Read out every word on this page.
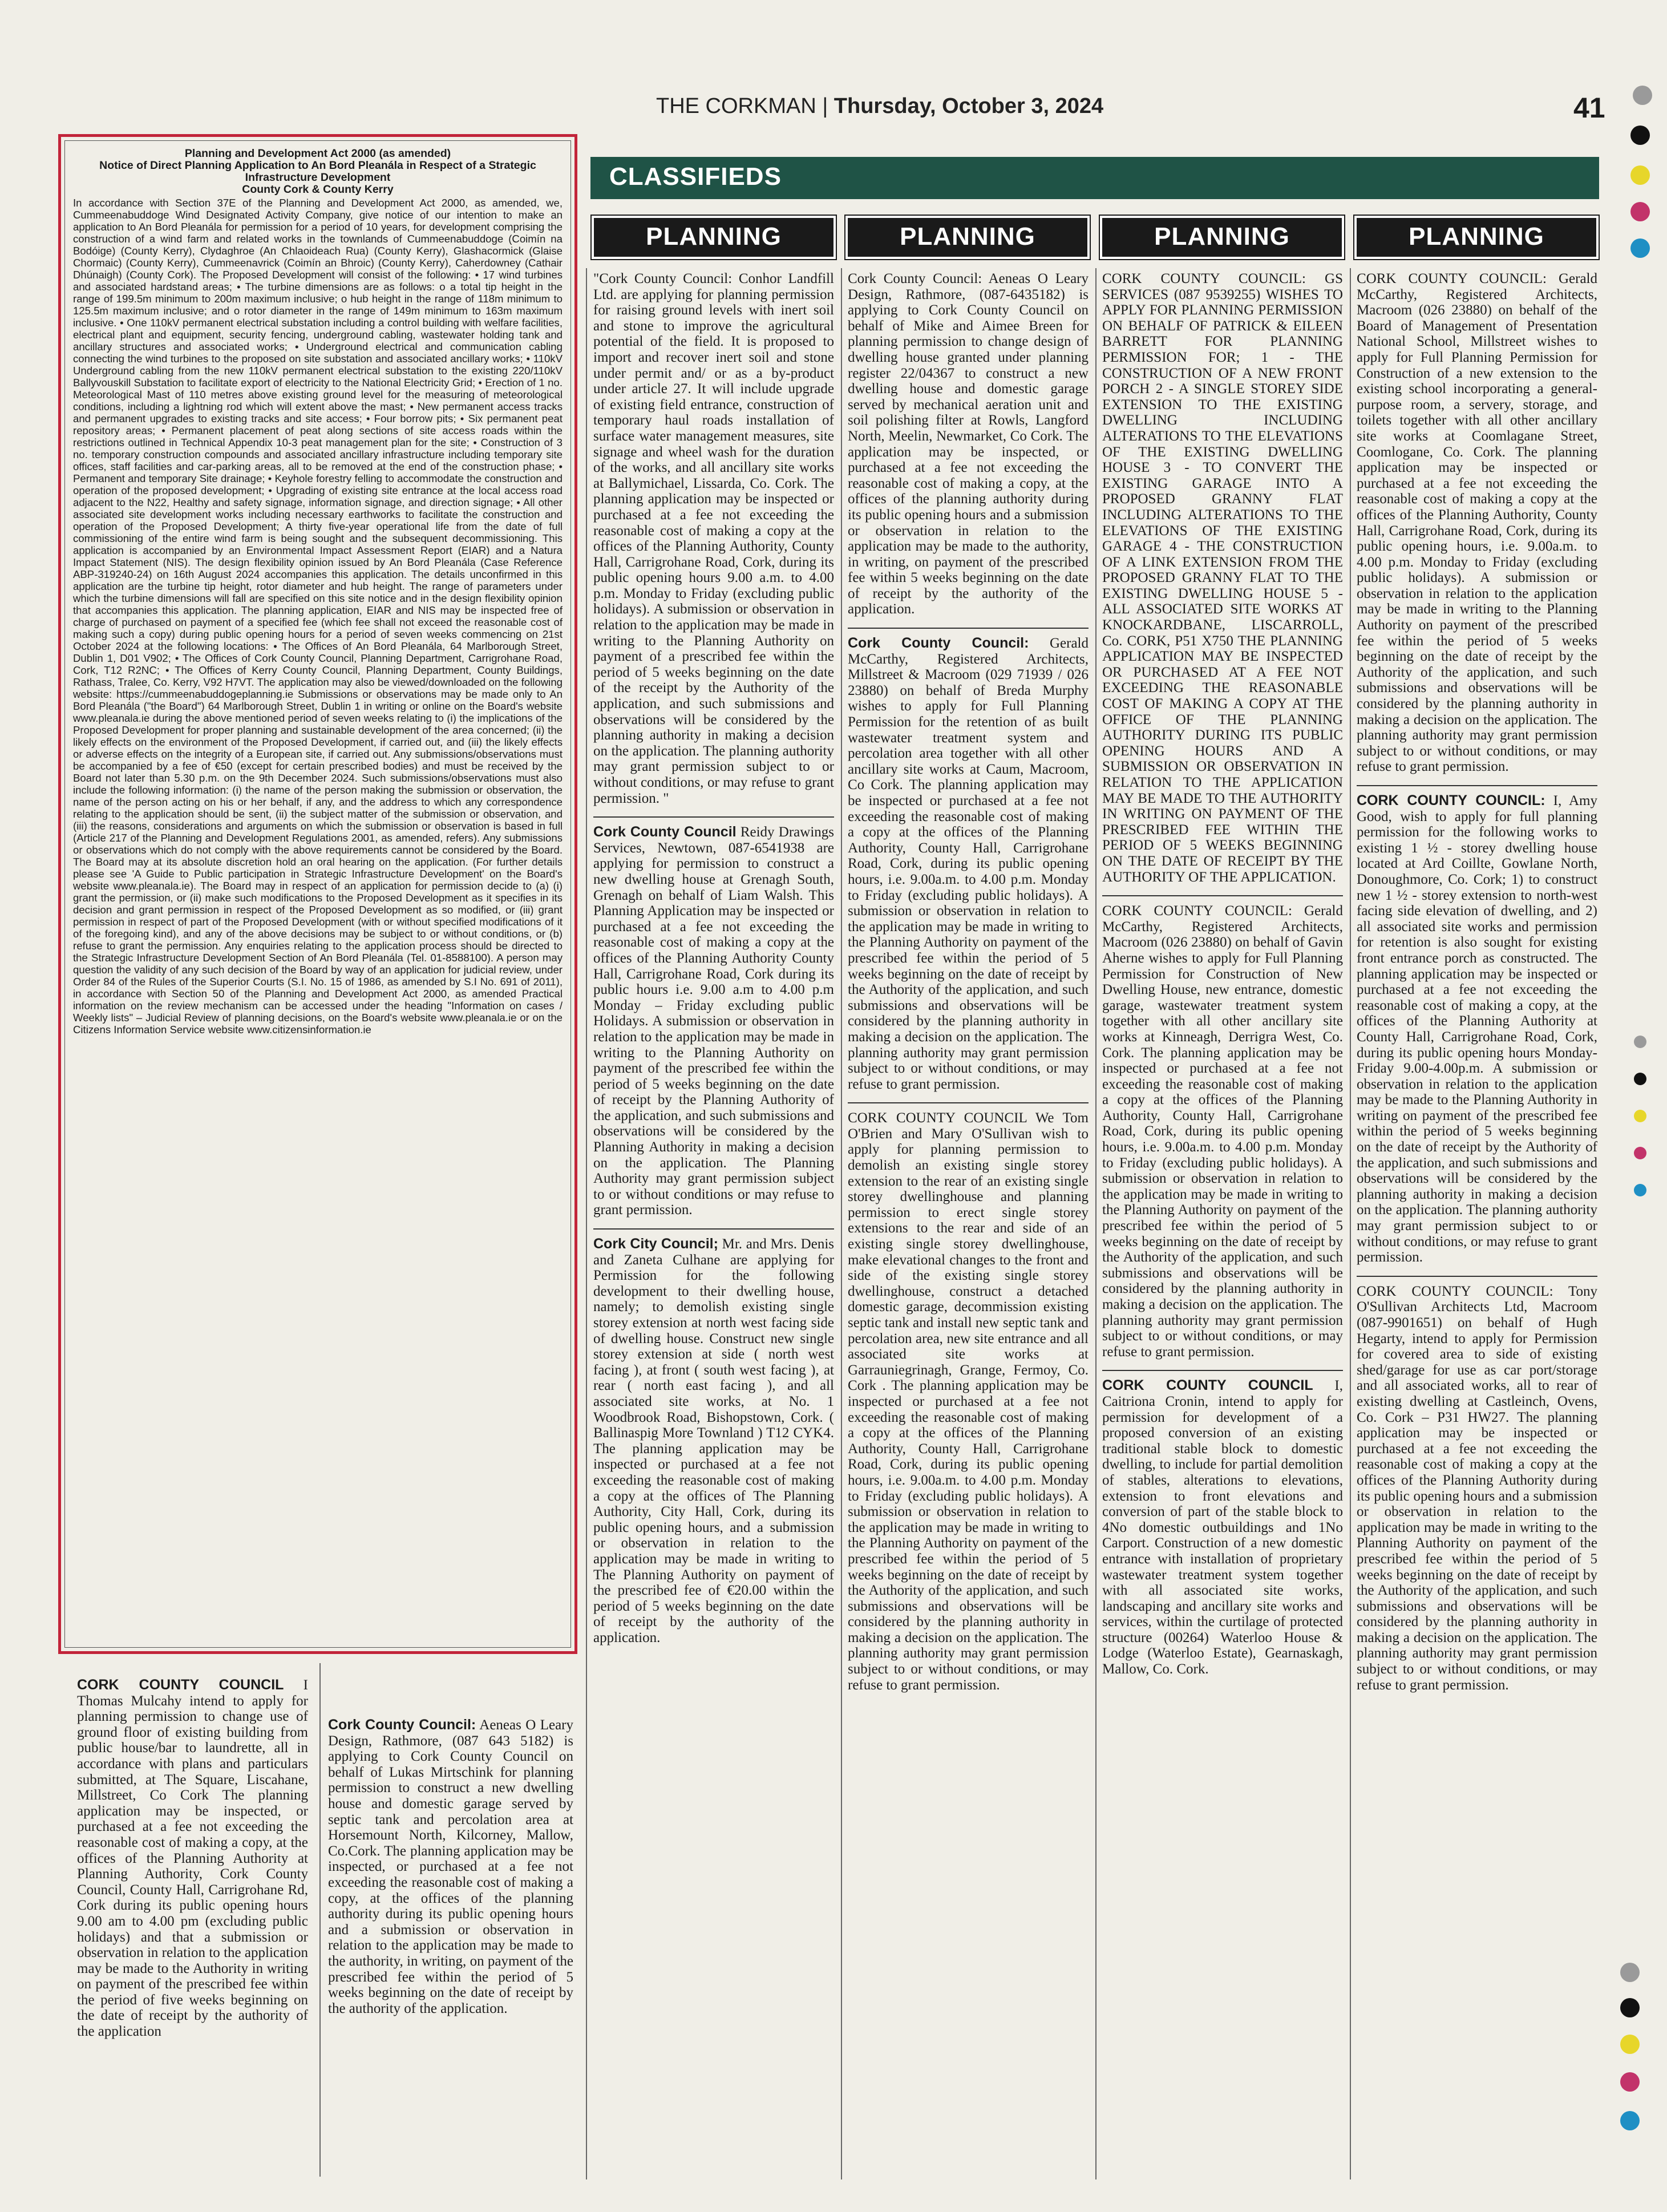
THE CORKMAN | Thursday, October 3, 2024	41
Planning and Development Act 2000 (as amended)
Notice of Direct Planning Application to An Bord Pleanála in Respect of a Strategic Infrastructure Development
County Cork & County Kerry
In accordance with Section 37E of the Planning and Development Act 2000, as amended, we, Cummeenabuddoge Wind Designated Activity Company, give notice of our intention to make an application to An Bord Pleanála for permission for a period of 10 years, for development comprising the construction of a wind farm and related works in the townlands of Cummeenabuddoge (Coimín na Bodóige) (County Kerry), Clydaghroe (An Chlaoideach Rua) (County Kerry), Glashacormick (Glaise Chormaic) (County Kerry), Cummeenavrick (Coimín an Bhroic) (County Kerry), Caherdowney (Cathair Dhúnaigh) (County Cork). The Proposed Development will consist of the following: • 17 wind turbines and associated hardstand areas; • The turbine dimensions are as follows: o a total tip height in the range of 199.5m minimum to 200m maximum inclusive; o hub height in the range of 118m minimum to 125.5m maximum inclusive; and o rotor diameter in the range of 149m minimum to 163m maximum inclusive. • One 110kV permanent electrical substation including a control building with welfare facilities, electrical plant and equipment, security fencing, underground cabling, wastewater holding tank and ancillary structures and associated works; • Underground electrical and communication cabling connecting the wind turbines to the proposed on site substation and associated ancillary works; • 110kV Underground cabling from the new 110kV permanent electrical substation to the existing 220/110kV Ballyvouskill Substation to facilitate export of electricity to the National Electricity Grid; • Erection of 1 no. Meteorological Mast of 110 metres above existing ground level for the measuring of meteorological conditions, including a lightning rod which will extent above the mast; • New permanent access tracks and permanent upgrades to existing tracks and site access; • Four borrow pits; • Six permanent peat repository areas; • Permanent placement of peat along sections of site access roads within the restrictions outlined in Technical Appendix 10-3 peat management plan for the site; • Construction of 3 no. temporary construction compounds and associated ancillary infrastructure including temporary site offices, staff facilities and car-parking areas, all to be removed at the end of the construction phase; • Permanent and temporary Site drainage; • Keyhole forestry felling to accommodate the construction and operation of the proposed development; • Upgrading of existing site entrance at the local access road adjacent to the N22, Healthy and safety signage, information signage, and direction signage; • All other associated site development works including necessary earthworks to facilitate the construction and operation of the Proposed Development; A thirty five-year operational life from the date of full commissioning of the entire wind farm is being sought and the subsequent decommissioning. This application is accompanied by an Environmental Impact Assessment Report (EIAR) and a Natura Impact Statement (NIS). The design flexibility opinion issued by An Bord Pleanála (Case Reference ABP-319240-24) on 16th August 2024 accompanies this application. The details unconfirmed in this application are the turbine tip height, rotor diameter and hub height. The range of parameters under which the turbine dimensions will fall are specified on this site notice and in the design flexibility opinion that accompanies this application. The planning application, EIAR and NIS may be inspected free of charge of purchased on payment of a specified fee (which fee shall not exceed the reasonable cost of making such a copy) during public opening hours for a period of seven weeks commencing on 21st October 2024 at the following locations: • The Offices of An Bord Pleanála, 64 Marlborough Street, Dublin 1, D01 V902; • The Offices of Cork County Council, Planning Department, Carrigrohane Road, Cork, T12 R2NC; • The Offices of Kerry County Council, Planning Department, County Buildings, Rathass, Tralee, Co. Kerry, V92 H7VT. The application may also be viewed/downloaded on the following website: https://cummeenabuddogeplanning.ie Submissions or observations may be made only to An Bord Pleanála ("the Board") 64 Marlborough Street, Dublin 1 in writing or online on the Board's website www.pleanala.ie during the above mentioned period of seven weeks relating to (i) the implications of the Proposed Development for proper planning and sustainable development of the area concerned; (ii) the likely effects on the environment of the Proposed Development, if carried out, and (iii) the likely effects or adverse effects on the integrity of a European site, if carried out. Any submissions/observations must be accompanied by a fee of €50 (except for certain prescribed bodies) and must be received by the Board not later than 5.30 p.m. on the 9th December 2024. Such submissions/observations must also include the following information: (i) the name of the person making the submission or observation, the name of the person acting on his or her behalf, if any, and the address to which any correspondence relating to the application should be sent, (ii) the subject matter of the submission or observation, and (iii) the reasons, considerations and arguments on which the submission or observation is based in full (Article 217 of the Planning and Development Regulations 2001, as amended, refers). Any submissions or observations which do not comply with the above requirements cannot be considered by the Board. The Board may at its absolute discretion hold an oral hearing on the application. (For further details please see 'A Guide to Public participation in Strategic Infrastructure Development' on the Board's website www.pleanala.ie). The Board may in respect of an application for permission decide to (a) (i) grant the permission, or (ii) make such modifications to the Proposed Development as it specifies in its decision and grant permission in respect of the Proposed Development as so modified, or (iii) grant permission in respect of part of the Proposed Development (with or without specified modifications of it of the foregoing kind), and any of the above decisions may be subject to or without conditions, or (b) refuse to grant the permission. Any enquiries relating to the application process should be directed to the Strategic Infrastructure Development Section of An Bord Pleanála (Tel. 01-8588100). A person may question the validity of any such decision of the Board by way of an application for judicial review, under Order 84 of the Rules of the Superior Courts (S.I. No. 15 of 1986, as amended by S.I No. 691 of 2011), in accordance with Section 50 of the Planning and Development Act 2000, as amended Practical information on the review mechanism can be accessed under the heading "Information on cases / Weekly lists" – Judicial Review of planning decisions, on the Board's website www.pleanala.ie or on the Citizens Information Service website www.citizensinformation.ie
CLASSIFIEDS
PLANNING	PLANNING	PLANNING	PLANNING

CORK COUNTY COUNCIL I Thomas Mulcahy intend to apply for planning permission to change use of ground floor of existing building from public house/bar to laundrette, all in accordance with plans and particulars submitted, at The Square, Liscahane, Millstreet, Co Cork The planning application may be inspected, or purchased at a fee not exceeding the reasonable cost of making a copy, at the offices of the Planning Authority at Planning Authority, Cork County Council, County Hall, Carrigrohane Rd, Cork during its public opening hours 9.00 am to 4.00 pm (excluding public holidays) and that a submission or observation in relation to the application may be made to the Authority in writing on payment of the prescribed fee within the period of five weeks beginning on the date of receipt by the authority of the application

Cork County Council: Aeneas O Leary Design, Rathmore, (087 643 5182) is applying to Cork County Council on behalf of Lukas Mirtschink for planning permission to construct a new dwelling house and domestic garage served by septic tank and percolation area at Horsemount North, Kilcorney, Mallow, Co.Cork. The planning application may be inspected, or purchased at a fee not exceeding the reasonable cost of making a copy, at the offices of the planning authority during its public opening hours and a submission or observation in relation to the application may be made to the authority, in writing, on payment of the prescribed fee within the period of 5 weeks beginning on the date of receipt by the authority of the application.

"Cork County Council: Conhor Landfill Ltd. are applying for planning permission for raising ground levels with inert soil and stone to improve the agricultural potential of the field. It is proposed to import and recover inert soil and stone under permit and/ or as a by-product under article 27. It will include upgrade of existing field entrance, construction of temporary haul roads installation of surface water management measures, site signage and wheel wash for the duration of the works, and all ancillary site works at Ballymichael, Lissarda, Co. Cork. The planning application may be inspected or purchased at a fee not exceeding the reasonable cost of making a copy at the offices of the Planning Authority, County Hall, Carrigrohane Road, Cork, during its public opening hours 9.00 a.m. to 4.00 p.m. Monday to Friday (excluding public holidays). A submission or observation in relation to the application may be made in writing to the Planning Authority on payment of a prescribed fee within the period of 5 weeks beginning on the date of the receipt by the Authority of the application, and such submissions and observations will be considered by the planning authority in making a decision on the application. The planning authority may grant permission subject to or without conditions, or may refuse to grant permission. "

Cork County Council Reidy Drawings Services, Newtown, 087-6541938 are applying for permission to construct a new dwelling house at Grenagh South, Grenagh on behalf of Liam Walsh. This Planning Application may be inspected or purchased at a fee not exceeding the reasonable cost of making a copy at the offices of the Planning Authority County Hall, Carrigrohane Road, Cork during its public hours i.e. 9.00 a.m to 4.00 p.m Monday – Friday excluding public Holidays. A submission or observation in relation to the application may be made in writing to the Planning Authority on payment of the prescribed fee within the period of 5 weeks beginning on the date of receipt by the Planning Authority of the application, and such submissions and observations will be considered by the Planning Authority in making a decision on the application. The Planning Authority may grant permission subject to or without conditions or may refuse to grant permission.

Cork City Council; Mr. and Mrs. Denis and Zaneta Culhane are applying for Permission for the following development to their dwelling house, namely; to demolish existing single storey extension at north west facing side of dwelling house. Construct new single storey extension at side ( north west facing ), at front ( south west facing ), at rear ( north east facing ), and all associated site works, at No. 1 Woodbrook Road, Bishopstown, Cork. ( Ballinaspig More Townland ) T12 CYK4. The planning application may be inspected or purchased at a fee not exceeding the reasonable cost of making a copy at the offices of The Planning Authority, City Hall, Cork, during its public opening hours, and a submission or observation in relation to the application may be made in writing to The Planning Authority on payment of the prescribed fee of €20.00 within the period of 5 weeks beginning on the date of receipt by the authority of the application.

Cork County Council: Aeneas O Leary Design, Rathmore, (087-6435182) is applying to Cork County Council on behalf of Mike and Aimee Breen for planning permission to change design of dwelling house granted under planning register 22/04367 to construct a new dwelling house and domestic garage served by mechanical aeration unit and soil polishing filter at Rowls, Langford North, Meelin, Newmarket, Co Cork. The application may be inspected, or purchased at a fee not exceeding the reasonable cost of making a copy, at the offices of the planning authority during its public opening hours and a submission or observation in relation to the application may be made to the authority, in writing, on payment of the prescribed fee within 5 weeks beginning on the date of receipt by the authority of the application.

Cork County Council: Gerald McCarthy, Registered Architects, Millstreet & Macroom (029 71939 / 026 23880) on behalf of Breda Murphy wishes to apply for Full Planning Permission for the retention of as built wastewater treatment system and percolation area together with all other ancillary site works at Caum, Macroom, Co Cork. The planning application may be inspected or purchased at a fee not exceeding the reasonable cost of making a copy at the offices of the Planning Authority, County Hall, Carrigrohane Road, Cork, during its public opening hours, i.e. 9.00a.m. to 4.00 p.m. Monday to Friday (excluding public holidays). A submission or observation in relation to the application may be made in writing to the Planning Authority on payment of the prescribed fee within the period of 5 weeks beginning on the date of receipt by the Authority of the application, and such submissions and observations will be considered by the planning authority in making a decision on the application. The planning authority may grant permission subject to or without conditions, or may refuse to grant permission.

CORK COUNTY COUNCIL We Tom O'Brien and Mary O'Sullivan wish to apply for planning permission to demolish an existing single storey extension to the rear of an existing single storey dwellinghouse and planning permission to erect single storey extensions to the rear and side of an existing single storey dwellinghouse, make elevational changes to the front and side of the existing single storey dwellinghouse, construct a detached domestic garage, decommission existing septic tank and install new septic tank and percolation area, new site entrance and all associated site works at Garrauniegrinagh, Grange, Fermoy, Co. Cork . The planning application may be inspected or purchased at a fee not exceeding the reasonable cost of making a copy at the offices of the Planning Authority, County Hall, Carrigrohane Road, Cork, during its public opening hours, i.e. 9.00a.m. to 4.00 p.m. Monday to Friday (excluding public holidays). A submission or observation in relation to the application may be made in writing to the Planning Authority on payment of the prescribed fee within the period of 5 weeks beginning on the date of receipt by the Authority of the application, and such submissions and observations will be considered by the planning authority in making a decision on the application. The planning authority may grant permission subject to or without conditions, or may refuse to grant permission.

CORK COUNTY COUNCIL: GS SERVICES (087 9539255) WISHES TO APPLY FOR PLANNING PERMISSION ON BEHALF OF PATRICK & EILEEN BARRETT FOR PLANNING PERMISSION FOR; 1 - THE CONSTRUCTION OF A NEW FRONT PORCH 2 - A SINGLE STOREY SIDE EXTENSION TO THE EXISTING DWELLING INCLUDING ALTERATIONS TO THE ELEVATIONS OF THE EXISTING DWELLING HOUSE 3 - TO CONVERT THE EXISTING GARAGE INTO A PROPOSED GRANNY FLAT INCLUDING ALTERATIONS TO THE ELEVATIONS OF THE EXISTING GARAGE 4 - THE CONSTRUCTION OF A LINK EXTENSION FROM THE PROPOSED GRANNY FLAT TO THE EXISTING DWELLING HOUSE 5 - ALL ASSOCIATED SITE WORKS AT KNOCKARDBANE, LISCARROLL, Co. CORK, P51 X750 THE PLANNING APPLICATION MAY BE INSPECTED OR PURCHASED AT A FEE NOT EXCEEDING THE REASONABLE COST OF MAKING A COPY AT THE OFFICE OF THE PLANNING AUTHORITY DURING ITS PUBLIC OPENING HOURS AND A SUBMISSION OR OBSERVATION IN RELATION TO THE APPLICATION MAY BE MADE TO THE AUTHORITY IN WRITING ON PAYMENT OF THE PRESCRIBED FEE WITHIN THE PERIOD OF 5 WEEKS BEGINNING ON THE DATE OF RECEIPT BY THE AUTHORITY OF THE APPLICATION.

CORK COUNTY COUNCIL: Gerald McCarthy, Registered Architects, Macroom (026 23880) on behalf of Gavin Aherne wishes to apply for Full Planning Permission for Construction of New Dwelling House, new entrance, domestic garage, wastewater treatment system together with all other ancillary site works at Kinneagh, Derrigra West, Co. Cork. The planning application may be inspected or purchased at a fee not exceeding the reasonable cost of making a copy at the offices of the Planning Authority, County Hall, Carrigrohane Road, Cork, during its public opening hours, i.e. 9.00a.m. to 4.00 p.m. Monday to Friday (excluding public holidays). A submission or observation in relation to the application may be made in writing to the Planning Authority on payment of the prescribed fee within the period of 5 weeks beginning on the date of receipt by the Authority of the application, and such submissions and observations will be considered by the planning authority in making a decision on the application. The planning authority may grant permission subject to or without conditions, or may refuse to grant permission.

CORK COUNTY COUNCIL I, Caitriona Cronin, intend to apply for permission for development of a proposed conversion of an existing traditional stable block to domestic dwelling, to include for partial demolition of stables, alterations to elevations, extension to front elevations and conversion of part of the stable block to 4No domestic outbuildings and 1No Carport. Construction of a new domestic entrance with installation of proprietary wastewater treatment system together with all associated site works, landscaping and ancillary site works and services, within the curtilage of protected structure (00264) Waterloo House & Lodge (Waterloo Estate), Gearnaskagh, Mallow, Co. Cork.

CORK COUNTY COUNCIL: Gerald McCarthy, Registered Architects, Macroom (026 23880) on behalf of the Board of Management of Presentation National School, Millstreet wishes to apply for Full Planning Permission for Construction of a new extension to the existing school incorporating a general-purpose room, a servery, storage, and toilets together with all other ancillary site works at Coomlagane Street, Coomlogane, Co. Cork. The planning application may be inspected or purchased at a fee not exceeding the reasonable cost of making a copy at the offices of the Planning Authority, County Hall, Carrigrohane Road, Cork, during its public opening hours, i.e. 9.00a.m. to 4.00 p.m. Monday to Friday (excluding public holidays). A submission or observation in relation to the application may be made in writing to the Planning Authority on payment of the prescribed fee within the period of 5 weeks beginning on the date of receipt by the Authority of the application, and such submissions and observations will be considered by the planning authority in making a decision on the application. The planning authority may grant permission subject to or without conditions, or may refuse to grant permission.

CORK COUNTY COUNCIL: I, Amy Good, wish to apply for full planning permission for the following works to existing 1 ½ - storey dwelling house located at Ard Coillte, Gowlane North, Donoughmore, Co. Cork; 1) to construct new 1 ½ - storey extension to north-west facing side elevation of dwelling, and 2) all associated site works and permission for retention is also sought for existing front entrance porch as constructed. The planning application may be inspected or purchased at a fee not exceeding the reasonable cost of making a copy, at the offices of the Planning Authority at County Hall, Carrigrohane Road, Cork, during its public opening hours Monday-Friday 9.00-4.00p.m. A submission or observation in relation to the application may be made to the Planning Authority in writing on payment of the prescribed fee within the period of 5 weeks beginning on the date of receipt by the Authority of the application, and such submissions and observations will be considered by the planning authority in making a decision on the application. The planning authority may grant permission subject to or without conditions, or may refuse to grant permission.

CORK COUNTY COUNCIL: Tony O'Sullivan Architects Ltd, Macroom (087-9901651) on behalf of Hugh Hegarty, intend to apply for Permission for covered area to side of existing shed/garage for use as car port/storage and all associated works, all to rear of existing dwelling at Castleinch, Ovens, Co. Cork – P31 HW27. The planning application may be inspected or purchased at a fee not exceeding the reasonable cost of making a copy at the offices of the Planning Authority during its public opening hours and a submission or observation in relation to the application may be made in writing to the Planning Authority on payment of the prescribed fee within the period of 5 weeks beginning on the date of receipt by the Authority of the application, and such submissions and observations will be considered by the planning authority in making a decision on the application. The planning authority may grant permission subject to or without conditions, or may refuse to grant permission.
